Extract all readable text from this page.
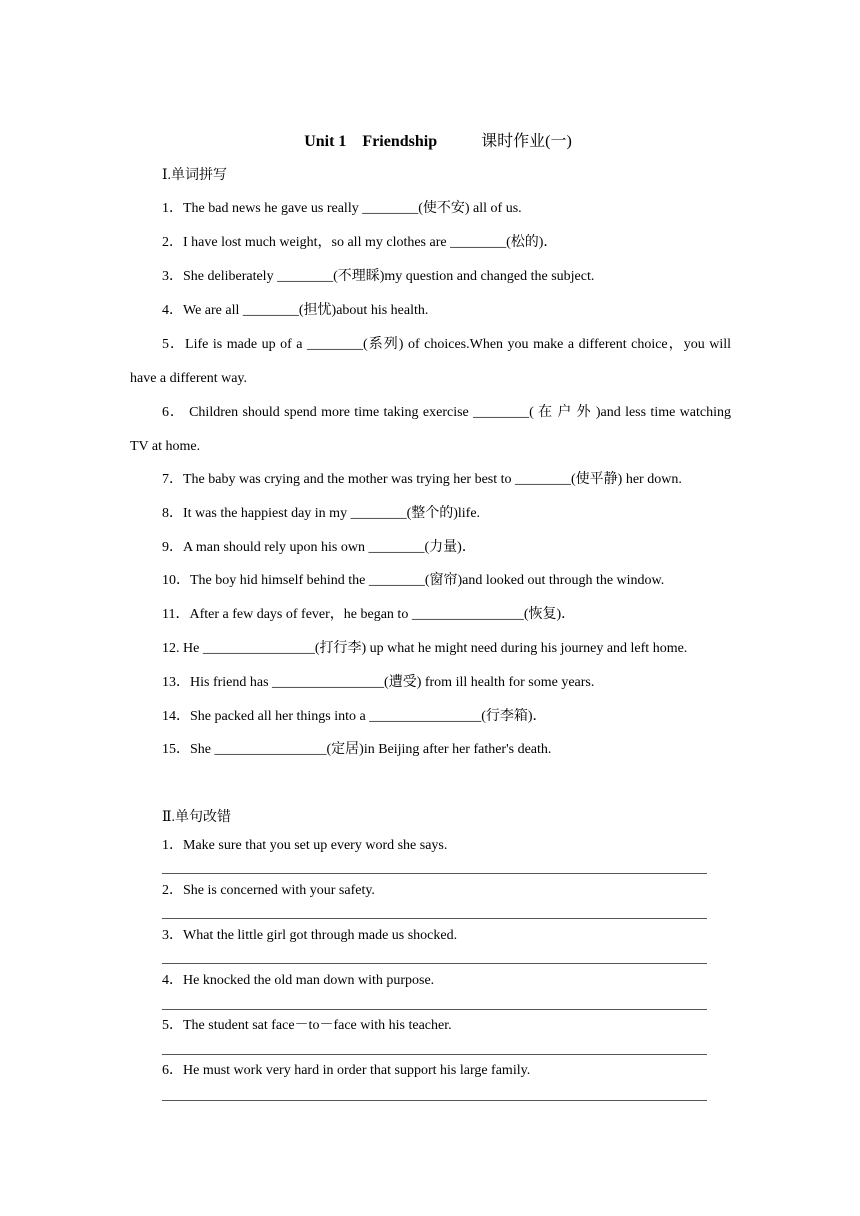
Unit 1    Friendship	课时作业(一)

Ⅰ.单词拼写
1．The bad news he gave us really ________(使不安) all of us.
2．I have lost much weight，so all my clothes are ________(松的)．
3．She deliberately ________(不理睬)my question and changed the subject.
4．We are all ________(担忧)about his health.
5．Life is made up of a ________(系列) of choices.When you make a different choice，you will have a different way.
6． Children should spend more time taking exercise ________( 在 户 外 )and less time watching TV at home.
7．The baby was crying and the mother was trying her best to ________(使平静) her down.
8．It was the happiest day in my ________(整个的)life.
9．A man should rely upon his own ________(力量)．
10．The boy hid himself behind the ________(窗帘)and looked out through the window.
11．After a few days of fever，he began to ________________(恢复)．
12. He ________________(打行李) up what he might need during his journey and left home.
13．His friend has ________________(遭受) from ill health for some years.
14．She packed all her things into a ________________(行李箱)．
15．She ________________(定居)in Beijing after her father's death.
Ⅱ.单句改错
1．Make sure that you set up every word she says.
2．She is concerned with your safety.
3．What the little girl got through made us shocked.
4．He knocked the old man down with purpose.
5．The student sat face－to－face with his teacher.
6．He must work very hard in order that support his large family.
